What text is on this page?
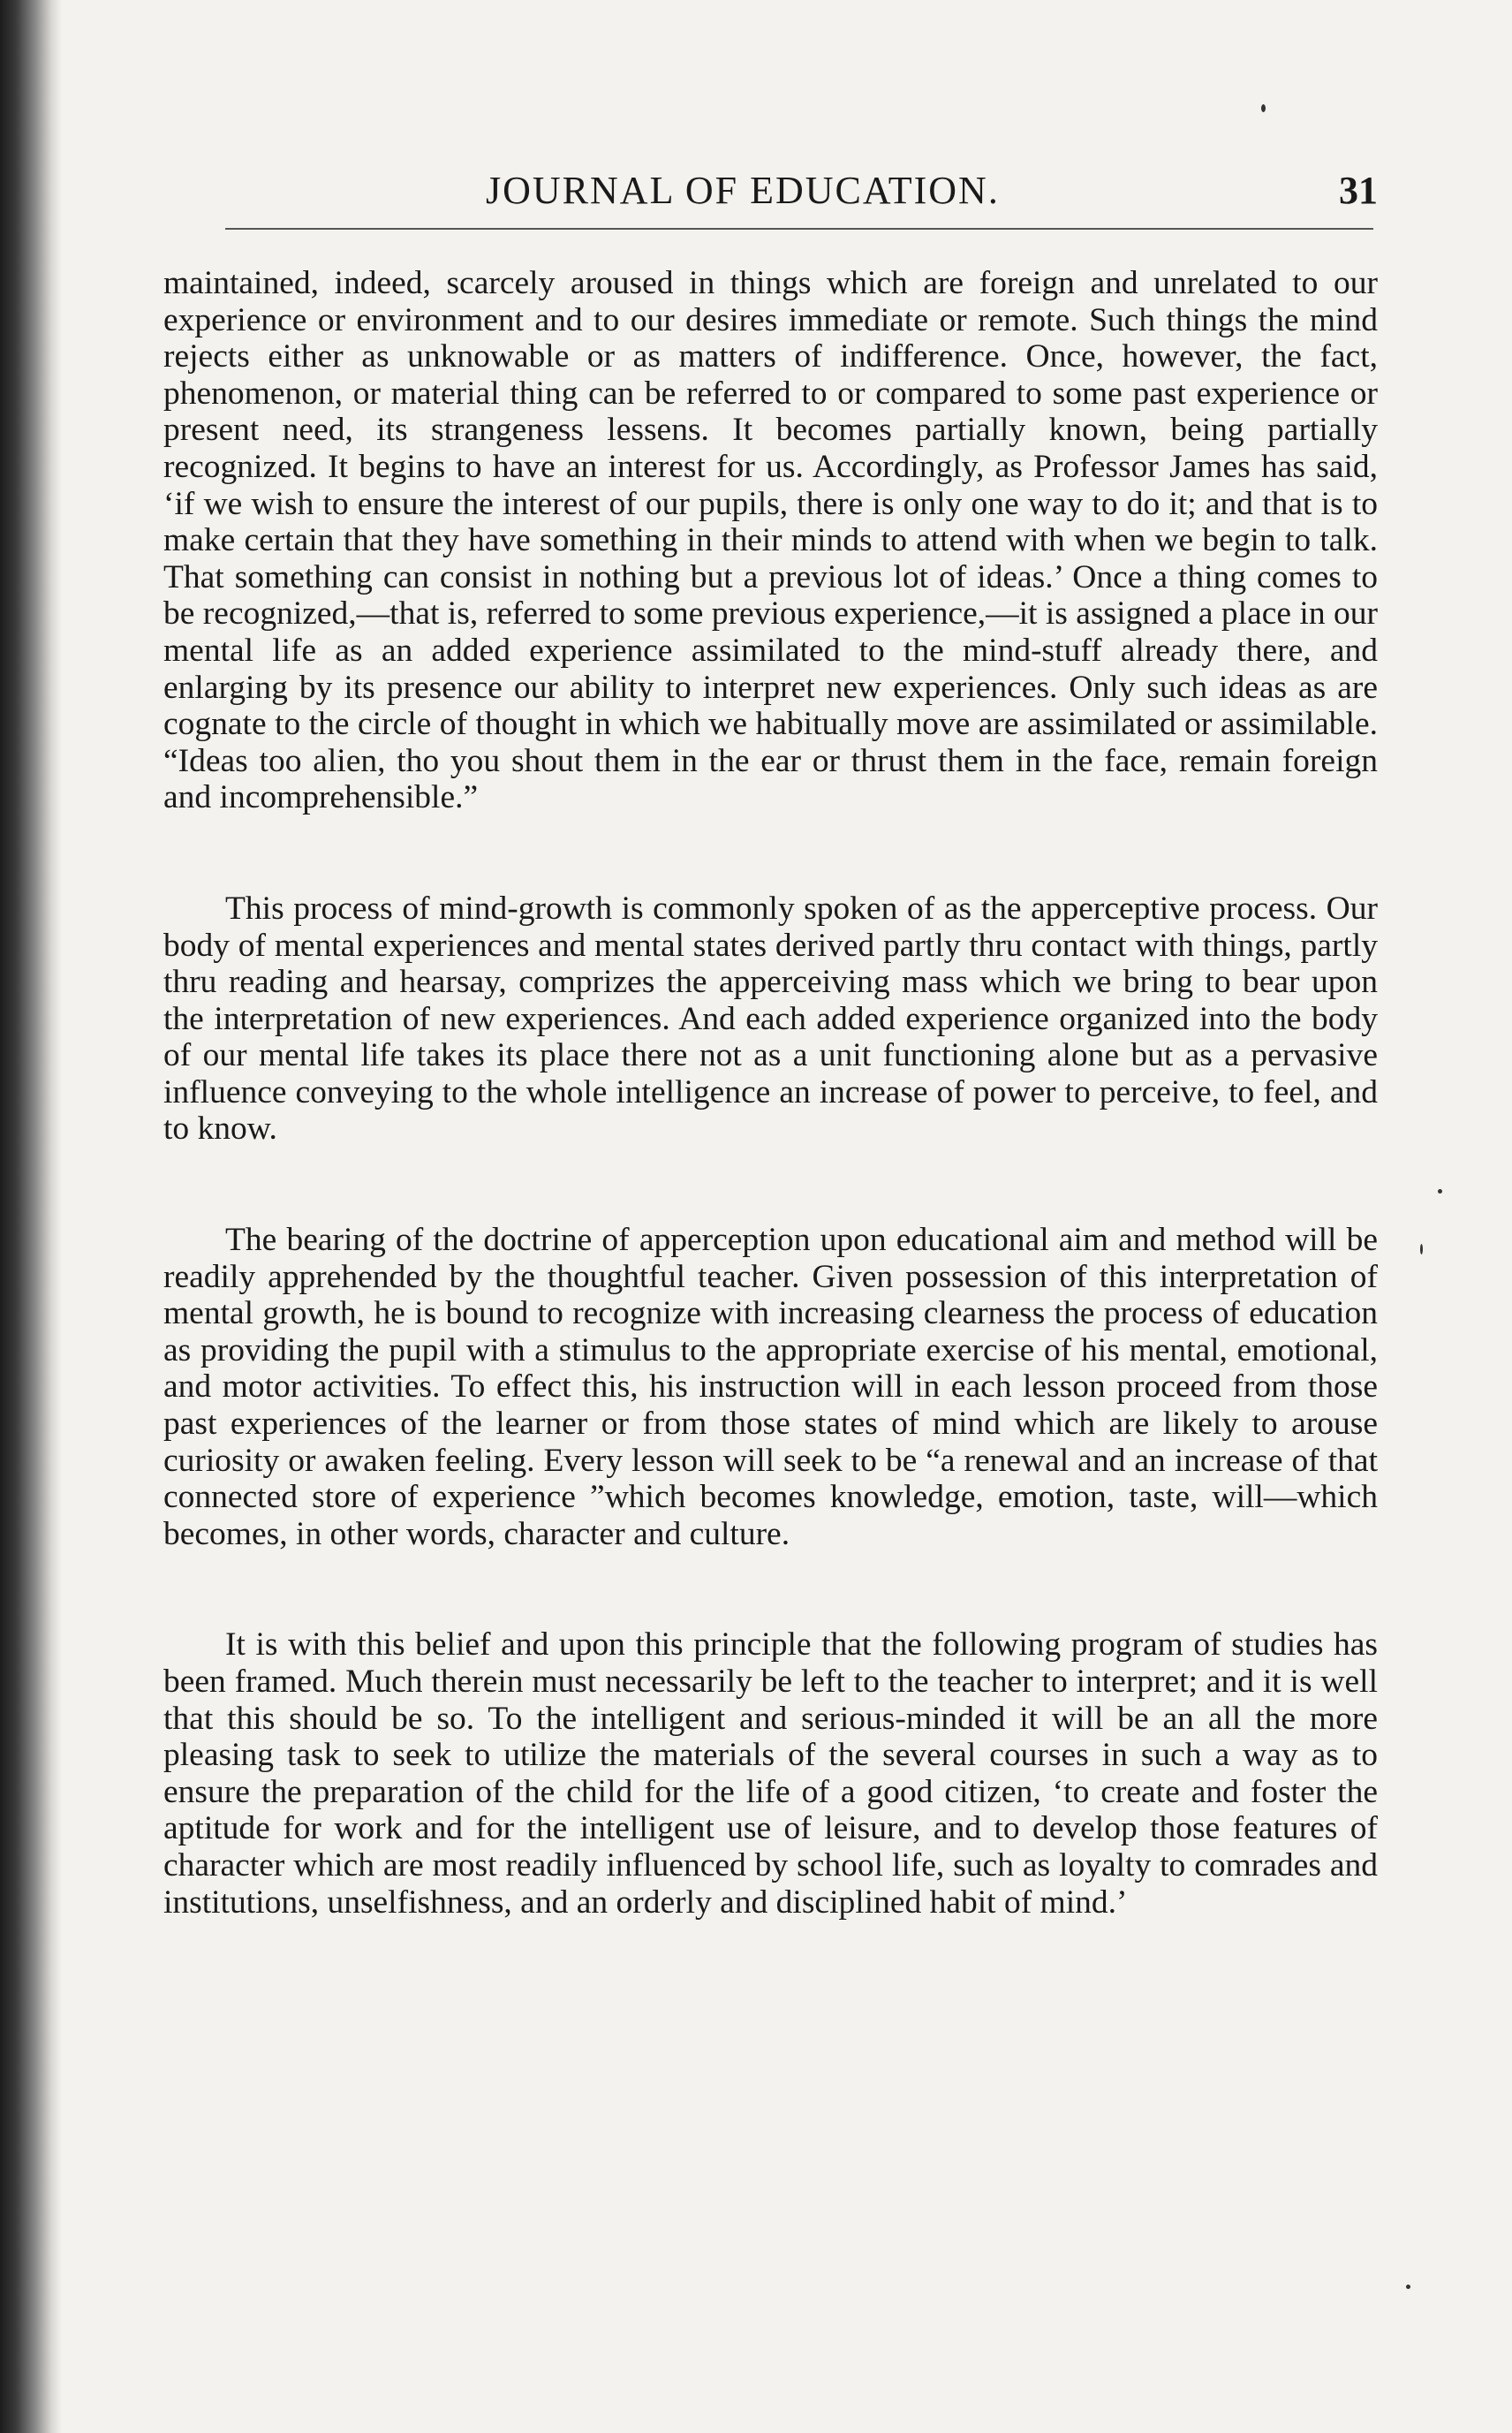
JOURNAL OF EDUCATION.	31

maintained, indeed, scarcely aroused in things which are foreign and unrelated to our experience or environment and to our desires immediate or remote. Such things the mind rejects either as unknowable or as matters of indifference. Once, however, the fact, phenomenon, or material thing can be referred to or compared to some past experience or present need, its strangeness lessens. It becomes partially known, being partially recognized. It begins to have an interest for us. Accordingly, as Professor James has said, ‘if we wish to ensure the interest of our pupils, there is only one way to do it; and that is to make certain that they have something in their minds to attend with when we begin to talk. That something can consist in nothing but a previous lot of ideas.’ Once a thing comes to be recognized,—that is, referred to some previous experience,—it is assigned a place in our mental life as an added experience assimilated to the mind-stuff already there, and enlarging by its presence our ability to interpret new experiences. Only such ideas as are cognate to the circle of thought in which we habitually move are assimilated or assimilable. “Ideas too alien, tho you shout them in the ear or thrust them in the face, remain foreign and incomprehensible.”

This process of mind-growth is commonly spoken of as the apperceptive process. Our body of mental experiences and mental states derived partly thru contact with things, partly thru reading and hearsay, comprizes the apperceiving mass which we bring to bear upon the interpretation of new experiences. And each added experience organized into the body of our mental life takes its place there not as a unit functioning alone but as a pervasive influence conveying to the whole intelligence an increase of power to perceive, to feel, and to know.

The bearing of the doctrine of apperception upon educational aim and method will be readily apprehended by the thoughtful teacher. Given possession of this interpretation of mental growth, he is bound to recognize with increasing clearness the process of education as providing the pupil with a stimulus to the appropriate exercise of his mental, emotional, and motor activities. To effect this, his instruction will in each lesson proceed from those past experiences of the learner or from those states of mind which are likely to arouse curiosity or awaken feeling. Every lesson will seek to be “a renewal and an increase of that connected store of experience ”which becomes knowledge, emotion, taste, will—which becomes, in other words, character and culture.

It is with this belief and upon this principle that the following program of studies has been framed. Much therein must necessarily be left to the teacher to interpret; and it is well that this should be so. To the intelligent and serious-minded it will be an all the more pleasing task to seek to utilize the materials of the several courses in such a way as to ensure the preparation of the child for the life of a good citizen, ‘to create and foster the aptitude for work and for the intelligent use of leisure, and to develop those features of character which are most readily influenced by school life, such as loyalty to comrades and institutions, unselfishness, and an orderly and disciplined habit of mind.’
